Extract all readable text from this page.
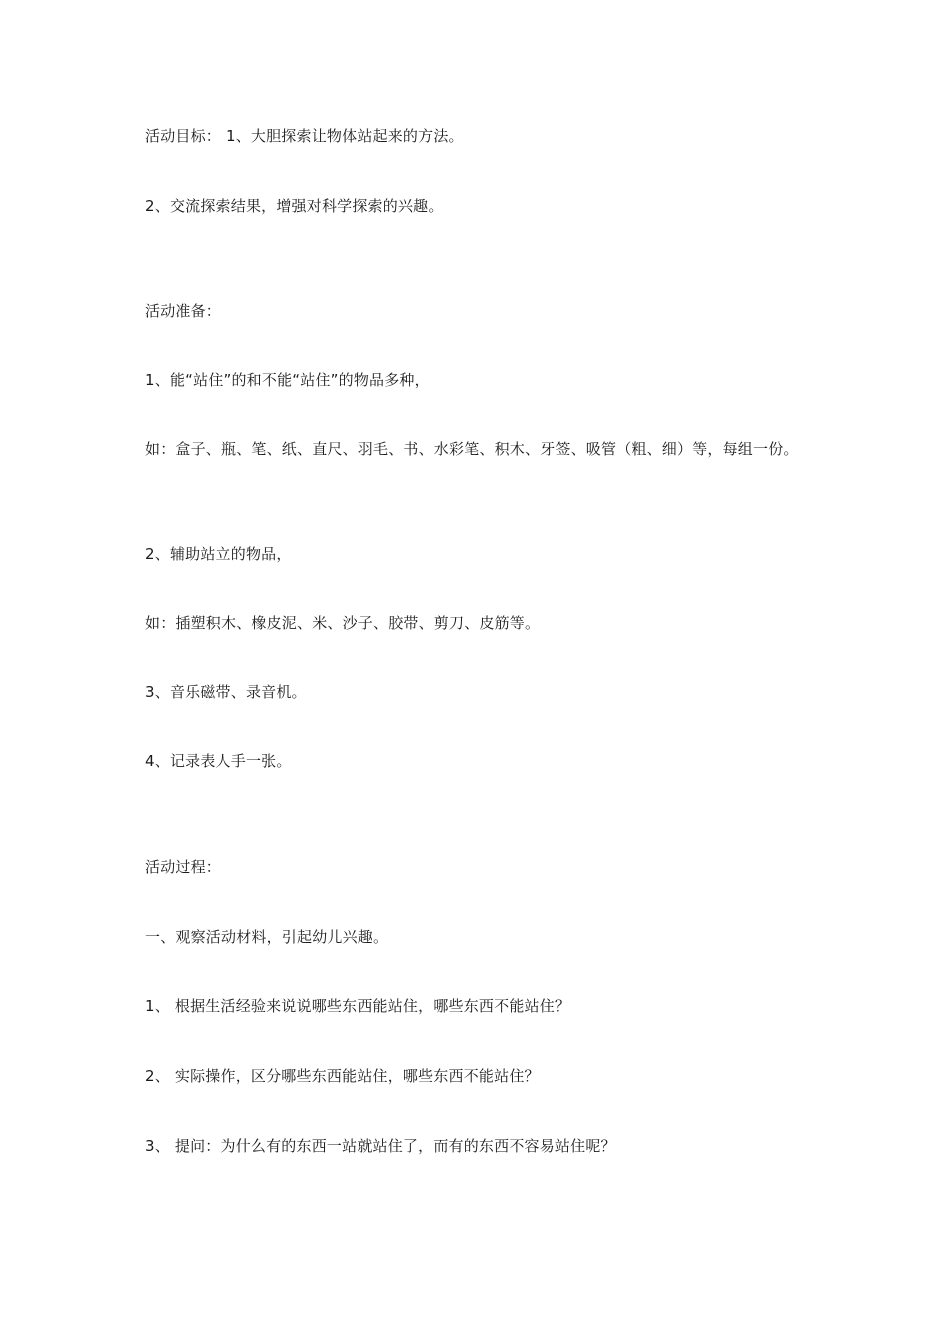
活动目标： 1、大胆探索让物体站起来的方法。
2、交流探索结果，增强对科学探索的兴趣。
活动准备：
1、能“站住”的和不能“站住”的物品多种，
如：盒子、瓶、笔、纸、直尺、羽毛、书、水彩笔、积木、牙签、吸管（粗、细）等，每组一份。
2、辅助站立的物品，
如：插塑积木、橡皮泥、米、沙子、胶带、剪刀、皮筋等。
3、音乐磁带、录音机。
4、记录表人手一张。
活动过程：
一、观察活动材料，引起幼儿兴趣。
1、 根据生活经验来说说哪些东西能站住，哪些东西不能站住？
2、 实际操作，区分哪些东西能站住，哪些东西不能站住？
3、 提问：为什么有的东西一站就站住了，而有的东西不容易站住呢？
